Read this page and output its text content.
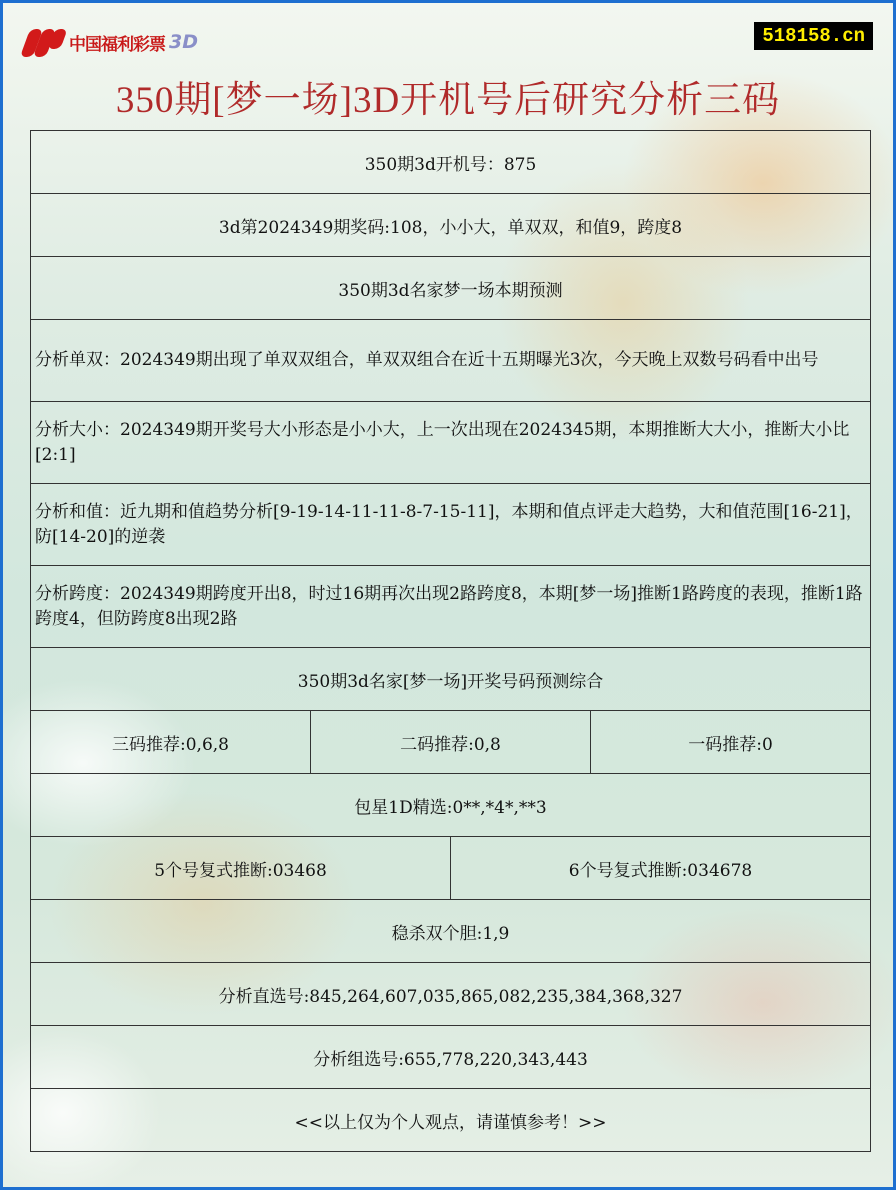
中国福利彩票 3D	518158.cn
350期[梦一场]3D开机号后研究分析三码
350期3d开机号：875			
3d第2024349期奖码:108，小小大，单双双，和值9，跨度8			
350期3d名家梦一场本期预测			
分析单双：2024349期出现了单双双组合，单双双组合在近十五期曝光3次，今天晚上双数号码看中出号			
分析大小：2024349期开奖号大小形态是小小大，上一次出现在2024345期，本期推断大大小，推断大小比[2:1]			
分析和值：近九期和值趋势分析[9-19-14-11-11-8-7-15-11]，本期和值点评走大趋势，大和值范围[16-21]，防[14-20]的逆袭			
分析跨度：2024349期跨度开出8，时过16期再次出现2路跨度8，本期[梦一场]推断1路跨度的表现，推断1路跨度4，但防跨度8出现2路			
350期3d名家[梦一场]开奖号码预测综合			
三码推荐:0,6,8	二码推荐:0,8		一码推荐:0
包星1D精选:0**,*4*,**3			
5个号复式推断:03468		6个号复式推断:034678	
稳杀双个胆:1,9			
分析直选号:845,264,607,035,865,082,235,384,368,327			
分析组选号:655,778,220,343,443			
<<以上仅为个人观点，请谨慎参考！>>			
